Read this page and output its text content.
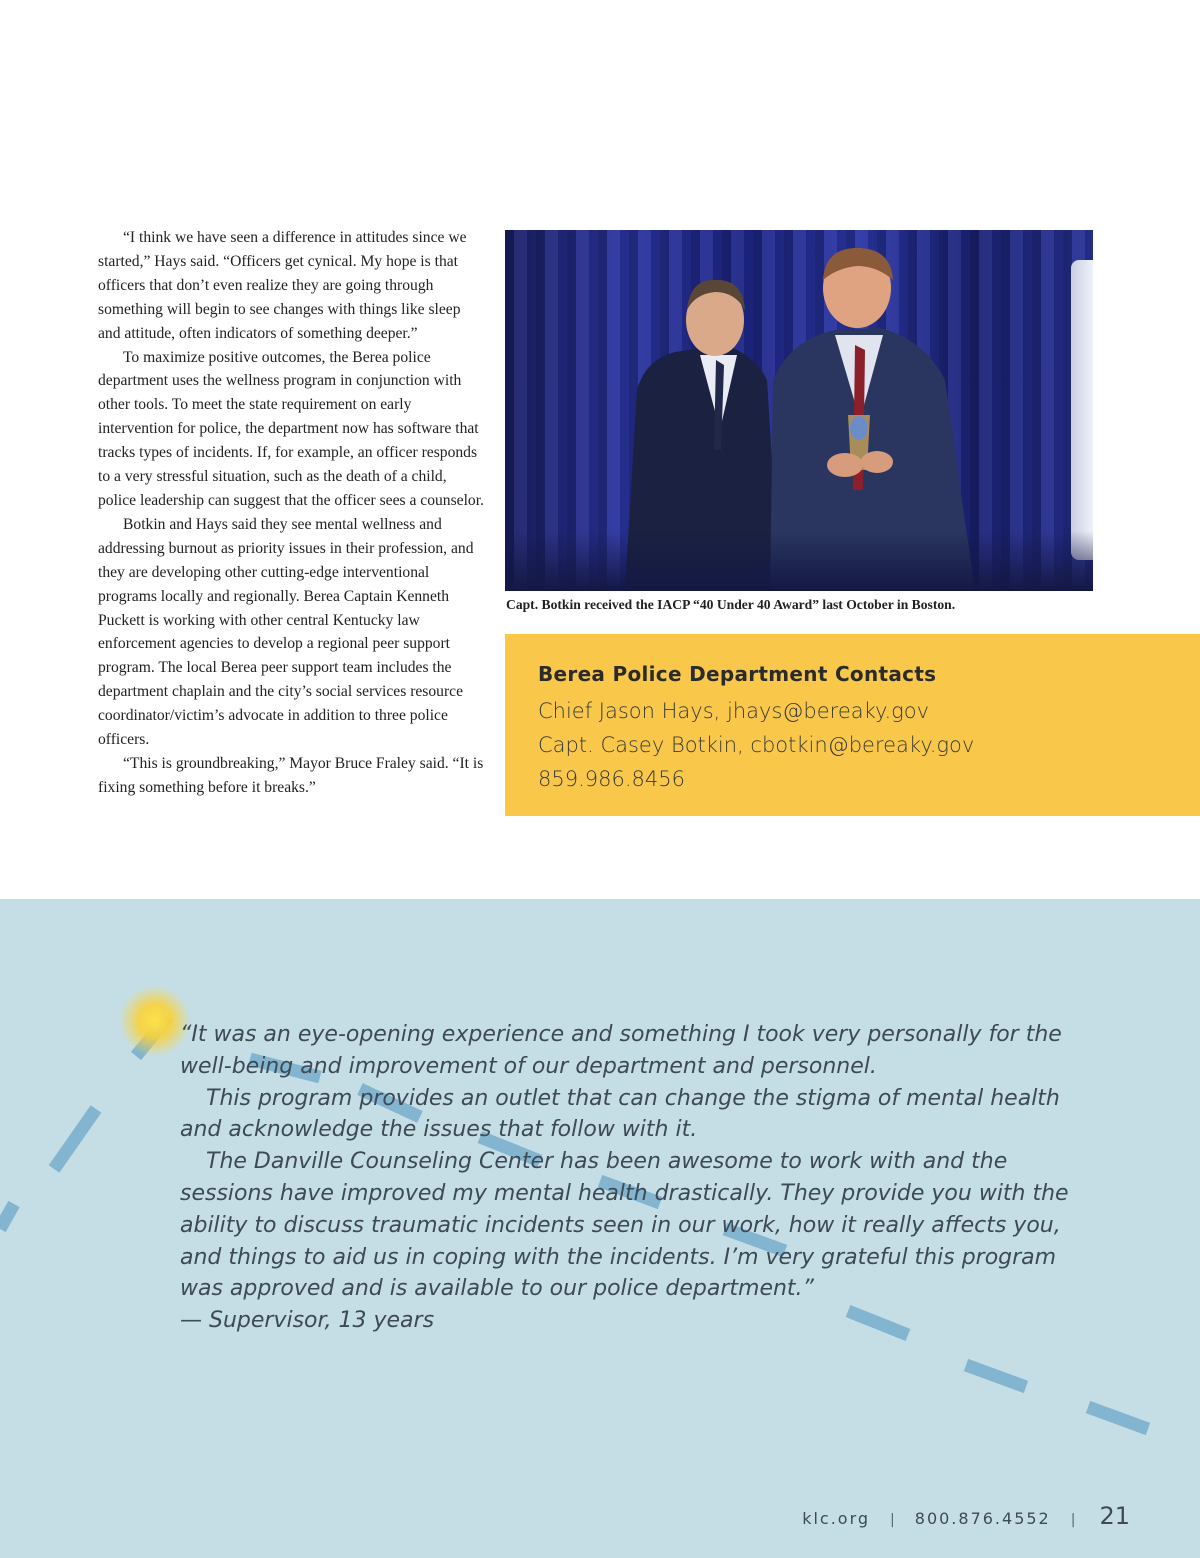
“I think we have seen a difference in attitudes since we started,” Hays said. “Officers get cynical. My hope is that officers that don’t even realize they are going through something will begin to see changes with things like sleep and attitude, often indicators of something deeper.”

To maximize positive outcomes, the Berea police department uses the wellness program in conjunction with other tools. To meet the state requirement on early intervention for police, the department now has software that tracks types of incidents. If, for example, an officer responds to a very stressful situation, such as the death of a child, police leadership can suggest that the officer sees a counselor.

Botkin and Hays said they see mental wellness and addressing burnout as priority issues in their profession, and they are developing other cutting-edge interventional programs locally and regionally. Berea Captain Kenneth Puckett is working with other central Kentucky law enforcement agencies to develop a regional peer support program. The local Berea peer support team includes the department chaplain and the city’s social services resource coordinator/victim’s advocate in addition to three police officers.

“This is groundbreaking,” Mayor Bruce Fraley said. “It is fixing something before it breaks.”

Capt. Botkin received the IACP “40 Under 40 Award” last October in Boston.
Berea Police Department Contacts
Chief Jason Hays, jhays@bereaky.gov
Capt. Casey Botkin, cbotkin@bereaky.gov
859.986.8456

“It was an eye-opening experience and something I took very personally for the well-being and improvement of our department and personnel.

This program provides an outlet that can change the stigma of mental health and acknowledge the issues that follow with it.

The Danville Counseling Center has been awesome to work with and the sessions have improved my mental health drastically. They provide you with the ability to discuss traumatic incidents seen in our work, how it really affects you, and things to aid us in coping with the incidents. I’m very grateful this program was approved and is available to our police department.”

— Supervisor, 13 years

klc.org | 800.876.4552 | 21
